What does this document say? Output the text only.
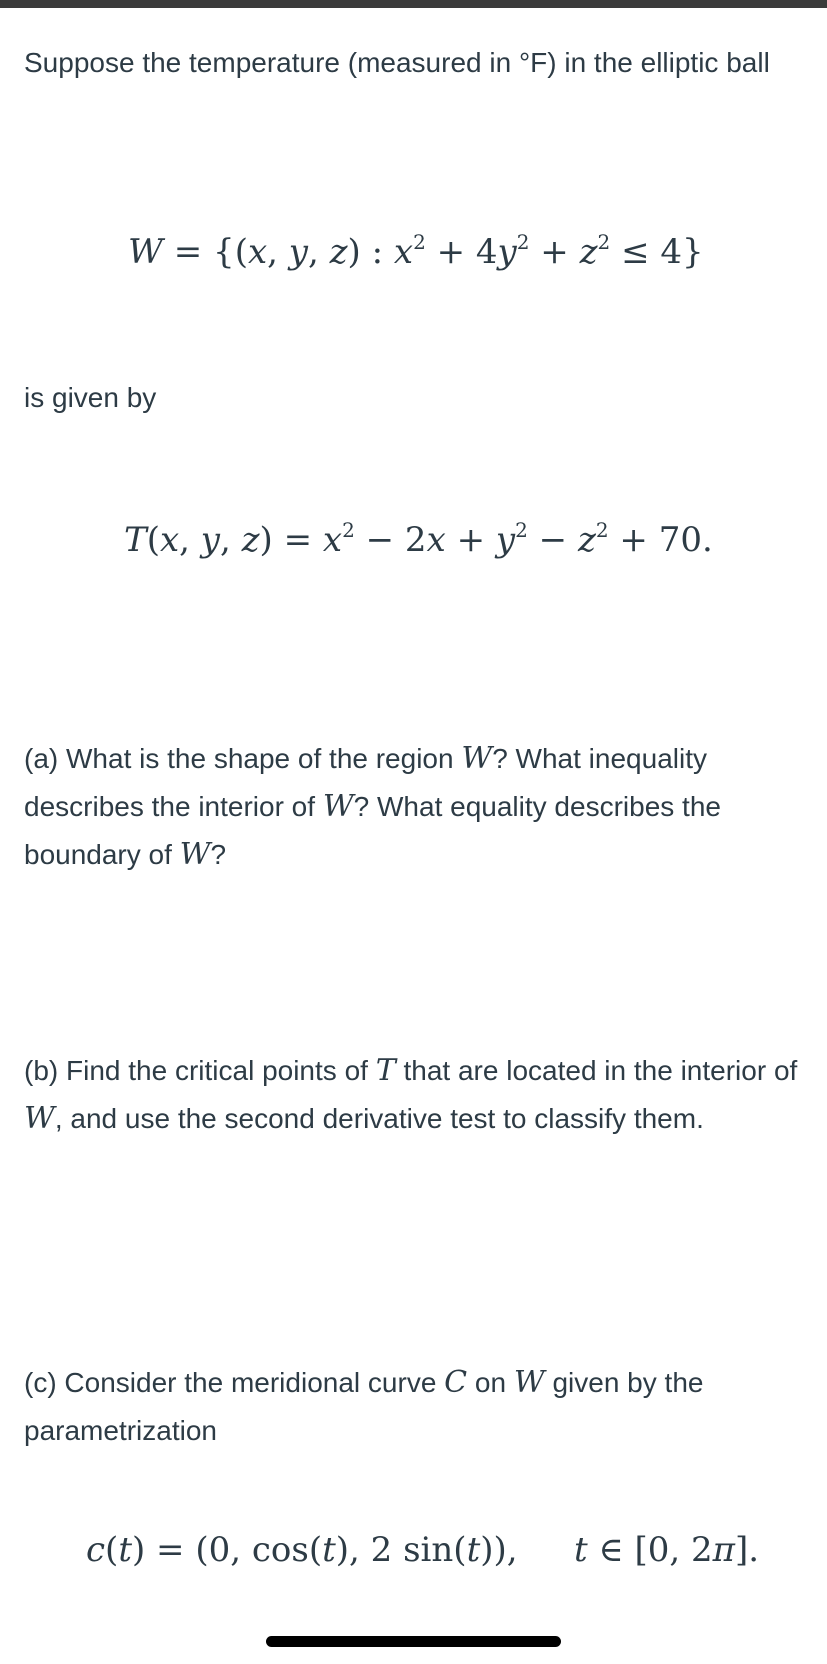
Suppose the temperature (measured in °F) in the elliptic ball

W = {(x, y, z) : $x^2 + 4y^2 + z^2 \le 4$}

is given by

T(x, y, $z) = x^2 - 2x + y^2 - z^2 + 70$.

(a) What is the shape of the region W? What inequality describes the interior of W? What equality describes the boundary of W?

(b) Find the critical points of T that are located in the interior of W, and use the second derivative test to classify them.

(c) Consider the meridional curve C on W given by the parametrization

c(t) = (0, cos(t), 2 sin(t)), t ∈ [0, 2π].
